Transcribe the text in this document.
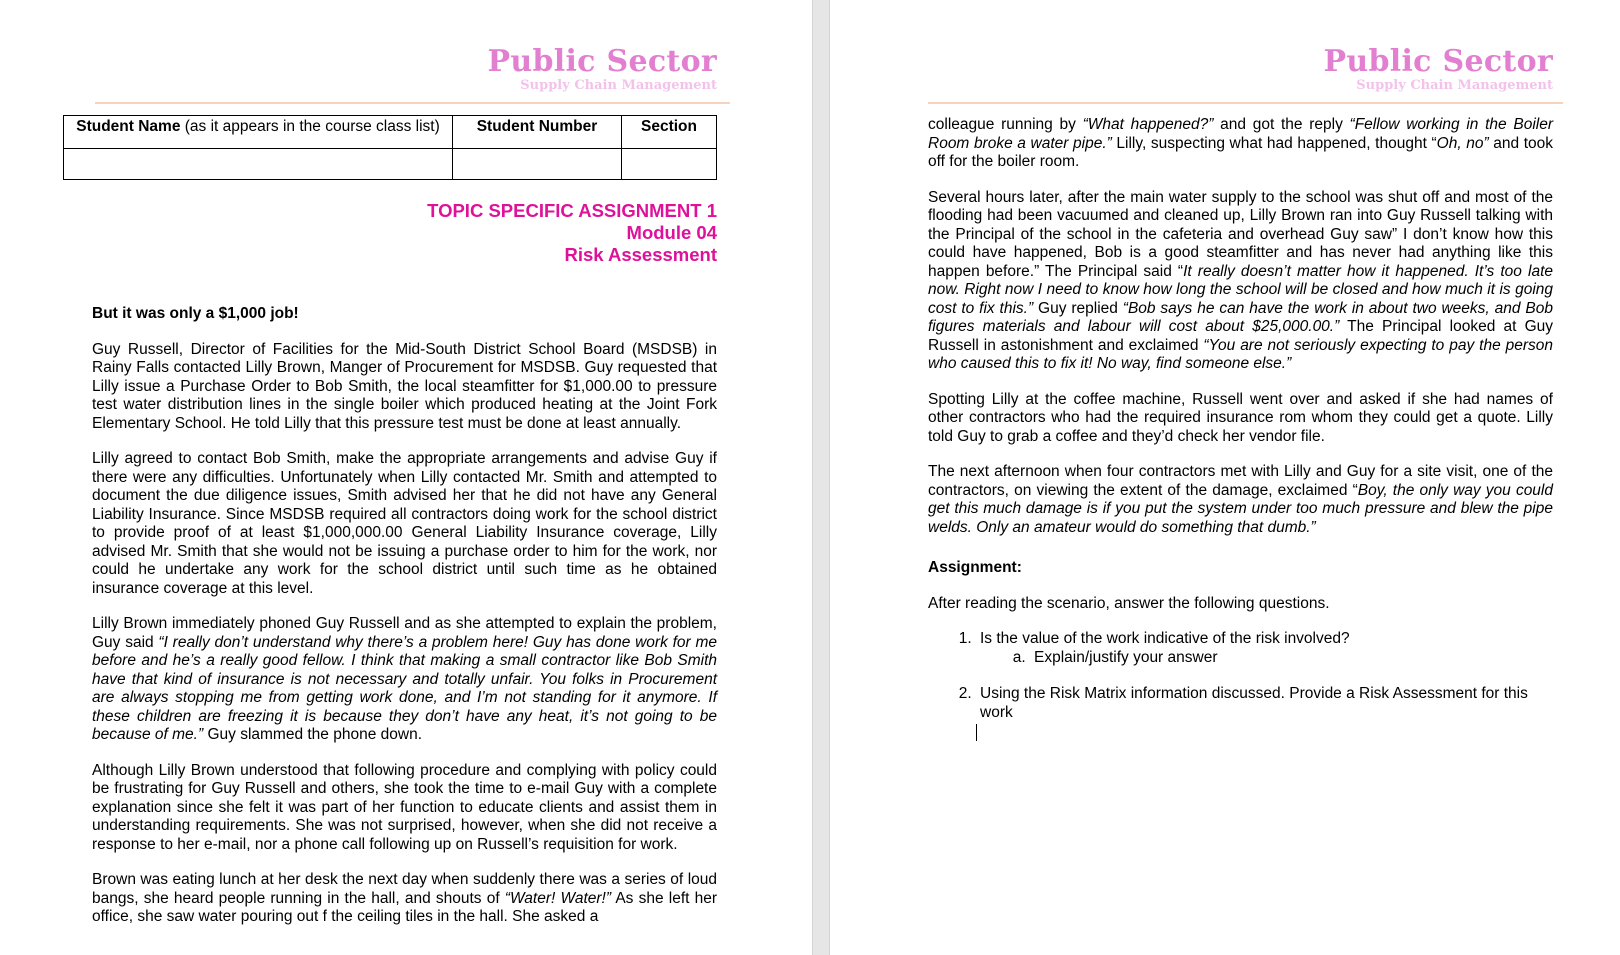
Public Sector
Supply Chain Management
Student Name (as it appears in the course class list)	Student Number	Section

TOPIC SPECIFIC ASSIGNMENT 1
Module 04
Risk Assessment

But it was only a $1,000 job!

Guy Russell, Director of Facilities for the Mid-South District School Board (MSDSB) in Rainy Falls contacted Lilly Brown, Manger of Procurement for MSDSB. Guy requested that Lilly issue a Purchase Order to Bob Smith, the local steamfitter for $1,000.00 to pressure test water distribution lines in the single boiler which produced heating at the Joint Fork Elementary School. He told Lilly that this pressure test must be done at least annually.

Lilly agreed to contact Bob Smith, make the appropriate arrangements and advise Guy if there were any difficulties. Unfortunately when Lilly contacted Mr. Smith and attempted to document the due diligence issues, Smith advised her that he did not have any General Liability Insurance. Since MSDSB required all contractors doing work for the school district to provide proof of at least $1,000,000.00 General Liability Insurance coverage, Lilly advised Mr. Smith that she would not be issuing a purchase order to him for the work, nor could he undertake any work for the school district until such time as he obtained insurance coverage at this level.

Lilly Brown immediately phoned Guy Russell and as she attempted to explain the problem, Guy said “I really don’t understand why there’s a problem here! Guy has done work for me before and he’s a really good fellow. I think that making a small contractor like Bob Smith have that kind of insurance is not necessary and totally unfair. You folks in Procurement are always stopping me from getting work done, and I’m not standing for it anymore. If these children are freezing it is because they don’t have any heat, it’s not going to be because of me.” Guy slammed the phone down.

Although Lilly Brown understood that following procedure and complying with policy could be frustrating for Guy Russell and others, she took the time to e-mail Guy with a complete explanation since she felt it was part of her function to educate clients and assist them in understanding requirements. She was not surprised, however, when she did not receive a response to her e-mail, nor a phone call following up on Russell’s requisition for work.

Brown was eating lunch at her desk the next day when suddenly there was a series of loud bangs, she heard people running in the hall, and shouts of “Water! Water!” As she left her office, she saw water pouring out f the ceiling tiles in the hall. She asked a

Public Sector
Supply Chain Management

colleague running by “What happened?” and got the reply “Fellow working in the Boiler Room broke a water pipe.” Lilly, suspecting what had happened, thought “Oh, no” and took off for the boiler room.

Several hours later, after the main water supply to the school was shut off and most of the flooding had been vacuumed and cleaned up, Lilly Brown ran into Guy Russell talking with the Principal of the school in the cafeteria and overhead Guy saw” I don’t know how this could have happened, Bob is a good steamfitter and has never had anything like this happen before.” The Principal said “It really doesn’t matter how it happened. It’s too late now. Right now I need to know how long the school will be closed and how much it is going cost to fix this.” Guy replied “Bob says he can have the work in about two weeks, and Bob figures materials and labour will cost about $25,000.00.” The Principal looked at Guy Russell in astonishment and exclaimed “You are not seriously expecting to pay the person who caused this to fix it! No way, find someone else.”

Spotting Lilly at the coffee machine, Russell went over and asked if she had names of other contractors who had the required insurance rom whom they could get a quote. Lilly told Guy to grab a coffee and they’d check her vendor file.

The next afternoon when four contractors met with Lilly and Guy for a site visit, one of the contractors, on viewing the extent of the damage, exclaimed “Boy, the only way you could get this much damage is if you put the system under too much pressure and blew the pipe welds. Only an amateur would do something that dumb.”

Assignment:

After reading the scenario, answer the following questions.

1. Is the value of the work indicative of the risk involved?
a. Explain/justify your answer
2. Using the Risk Matrix information discussed. Provide a Risk Assessment for this work
